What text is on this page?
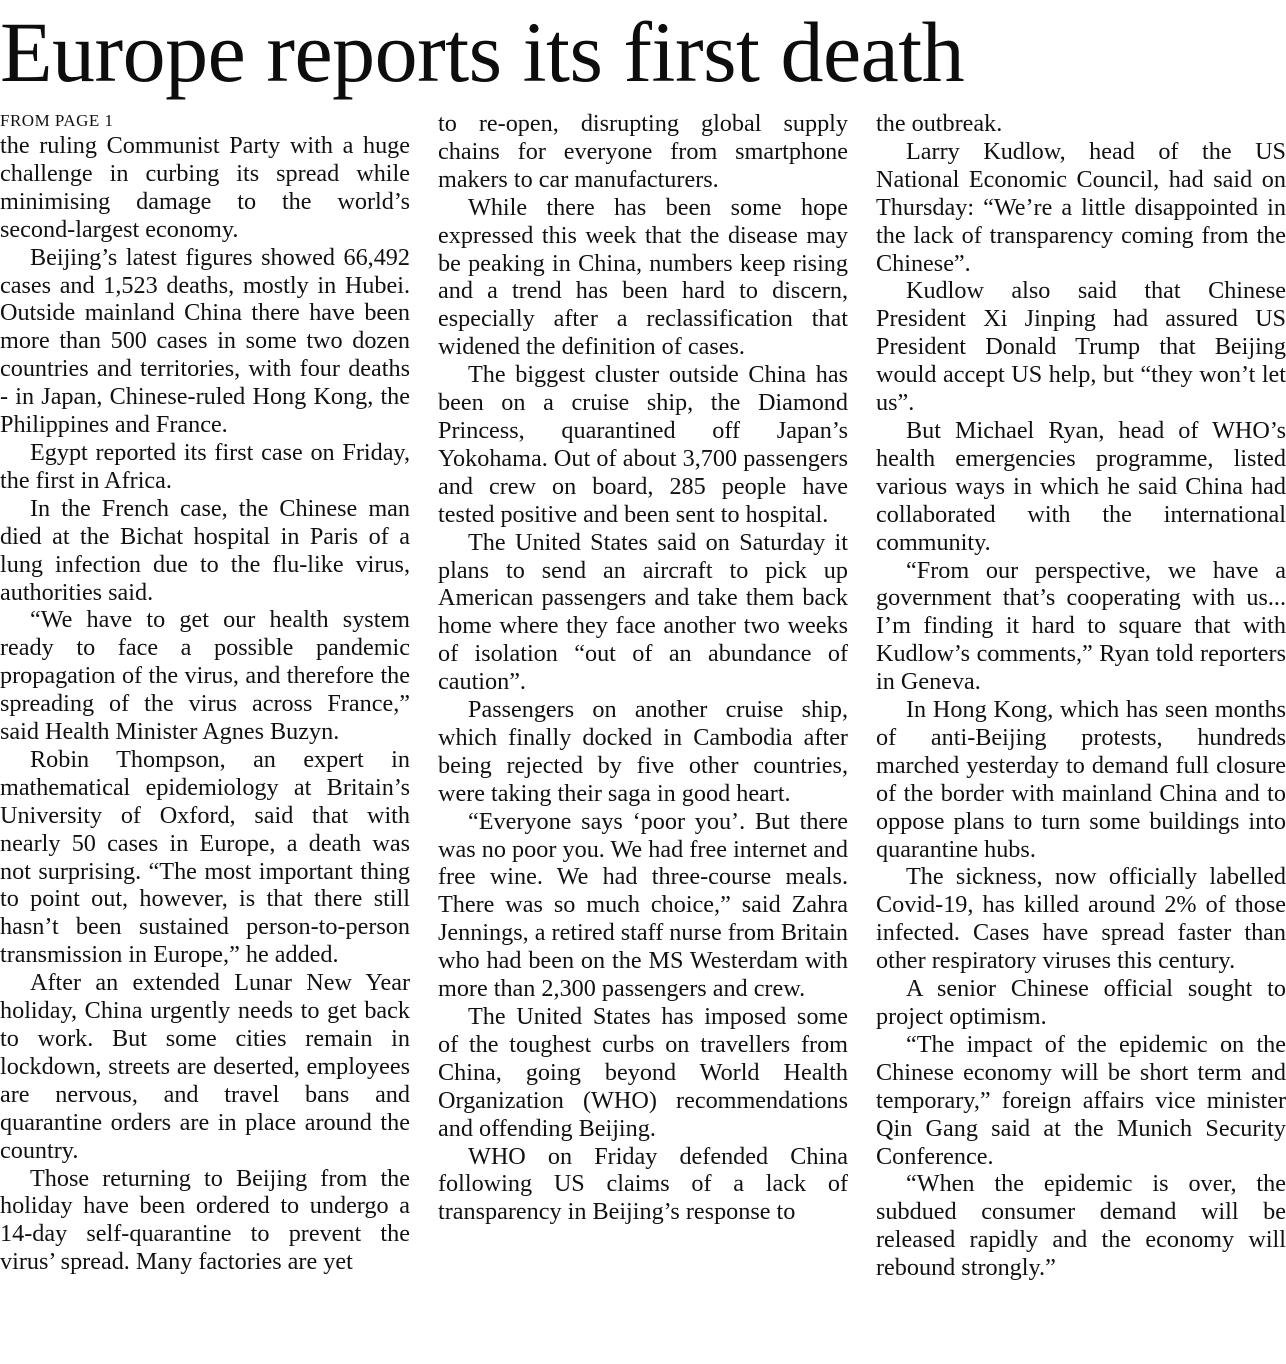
Europe reports its first death
FROM PAGE 1

the ruling Communist Party with a huge challenge in curbing its spread while minimising damage to the world’s second-largest economy.

Beijing’s latest figures showed 66,492 cases and 1,523 deaths, mostly in Hubei. Outside mainland China there have been more than 500 cases in some two dozen countries and territories, with four deaths - in Japan, Chinese-ruled Hong Kong, the Philippines and France.

Egypt reported its first case on Friday, the first in Africa.

In the French case, the Chinese man died at the Bichat hospital in Paris of a lung infection due to the flu-like virus, authorities said.

“We have to get our health system ready to face a possible pandemic propagation of the virus, and therefore the spreading of the virus across France,” said Health Minister Agnes Buzyn.

Robin Thompson, an expert in mathematical epidemiology at Britain’s University of Oxford, said that with nearly 50 cases in Europe, a death was not surprising. “The most important thing to point out, however, is that there still hasn’t been sustained person-to-person transmission in Europe,” he added.

After an extended Lunar New Year holiday, China urgently needs to get back to work. But some cities remain in lockdown, streets are deserted, employees are nervous, and travel bans and quarantine orders are in place around the country.

Those returning to Beijing from the holiday have been ordered to undergo a 14-day self-quarantine to prevent the virus’ spread. Many factories are yet

to re-open, disrupting global supply chains for everyone from smartphone makers to car manufacturers.

While there has been some hope expressed this week that the disease may be peaking in China, numbers keep rising and a trend has been hard to discern, especially after a reclassification that widened the definition of cases.

The biggest cluster outside China has been on a cruise ship, the Diamond Princess, quarantined off Japan’s Yokohama. Out of about 3,700 passengers and crew on board, 285 people have tested positive and been sent to hospital.

The United States said on Saturday it plans to send an aircraft to pick up American passengers and take them back home where they face another two weeks of isolation “out of an abundance of caution”.

Passengers on another cruise ship, which finally docked in Cambodia after being rejected by five other countries, were taking their saga in good heart.

“Everyone says ‘poor you’. But there was no poor you. We had free internet and free wine. We had three-course meals. There was so much choice,” said Zahra Jennings, a retired staff nurse from Britain who had been on the MS Westerdam with more than 2,300 passengers and crew.

The United States has imposed some of the toughest curbs on travellers from China, going beyond World Health Organization (WHO) recommendations and offending Beijing.

WHO on Friday defended China following US claims of a lack of transparency in Beijing’s response to

the outbreak.

Larry Kudlow, head of the US National Economic Council, had said on Thursday: “We’re a little disappointed in the lack of transparency coming from the Chinese”.

Kudlow also said that Chinese President Xi Jinping had assured US President Donald Trump that Beijing would accept US help, but “they won’t let us”.

But Michael Ryan, head of WHO’s health emergencies programme, listed various ways in which he said China had collaborated with the international community.

“From our perspective, we have a government that’s cooperating with us... I’m finding it hard to square that with Kudlow’s comments,” Ryan told reporters in Geneva.

In Hong Kong, which has seen months of anti-Beijing protests, hundreds marched yesterday to demand full closure of the border with mainland China and to oppose plans to turn some buildings into quarantine hubs.

The sickness, now officially labelled Covid-19, has killed around 2% of those infected. Cases have spread faster than other respiratory viruses this century.

A senior Chinese official sought to project optimism.

“The impact of the epidemic on the Chinese economy will be short term and temporary,” foreign affairs vice minister Qin Gang said at the Munich Security Conference.

“When the epidemic is over, the subdued consumer demand will be released rapidly and the economy will rebound strongly.”
